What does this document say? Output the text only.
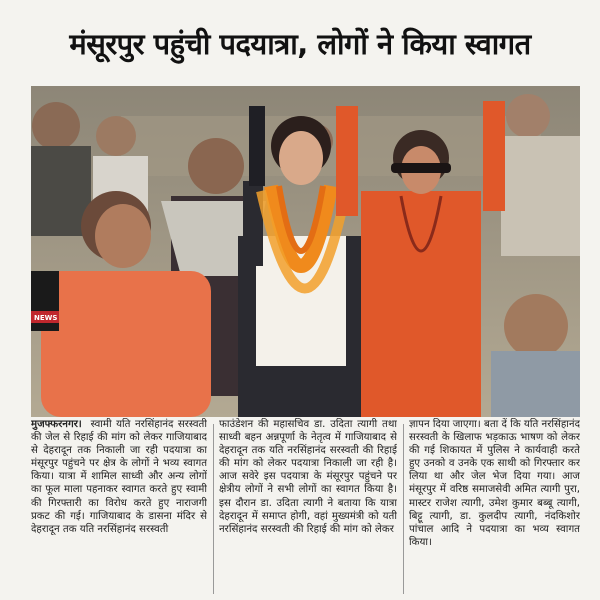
मंसूरपुर पहुंची पदयात्रा, लोगों ने किया स्वागत
NEWS

मुजफ्फरनगर। स्वामी यति नरसिंहानंद सरस्वती की जेल से रिहाई की मांग को लेकर गाजियाबाद से देहरादून तक निकाली जा रही पदयात्रा का मंसूरपुर पहुंचने पर क्षेत्र के लोगों ने भव्य स्वागत किया। यात्रा में शामिल साध्वी और अन्य लोगों का फूल माला पहनाकर स्वागत करते हुए स्वामी की गिरफ्तारी का विरोध करते हुए नाराजगी प्रकट की गई। गाजियाबाद के डासना मंदिर से देहरादून तक यति नरसिंहानंद सरस्वती

फाउंडेशन की महासचिव डा. उदिता त्यागी तथा साध्वी बहन अन्नपूर्णा के नेतृत्व में गाजियाबाद से देहरादून तक यति नरसिंहानंद सरस्वती की रिहाई की मांग को लेकर पदयात्रा निकाली जा रही है। आज सवेरे इस पदयात्रा के मंसूरपुर पहुंचने पर क्षेत्रीय लोगों ने सभी लोगों का स्वागत किया है। इस दौरान डा. उदिता त्यागी ने बताया कि यात्रा देहरादून में समाप्त होगी, वहां मुख्यमंत्री को यती नरसिंहानंद सरस्वती की रिहाई की मांग को लेकर

ज्ञापन दिया जाएगा। बता दें कि यति नरसिंहानंद सरस्वती के खिलाफ भड़काऊ भाषण को लेकर की गई शिकायत में पुलिस ने कार्यवाही करते हुए उनको व उनके एक साथी को गिरफ्तार कर लिया था और जेल भेज दिया गया। आज मंसूरपुर में वरिष्ठ समाजसेवी अमित त्यागी पुरा, मास्टर राजेश त्यागी, उमेश कुमार बब्बू त्यागी, बिट्टू त्यागी, डा. कुलदीप त्यागी, नंदकिशोर पांचाल आदि ने पदयात्रा का भव्य स्वागत किया।
